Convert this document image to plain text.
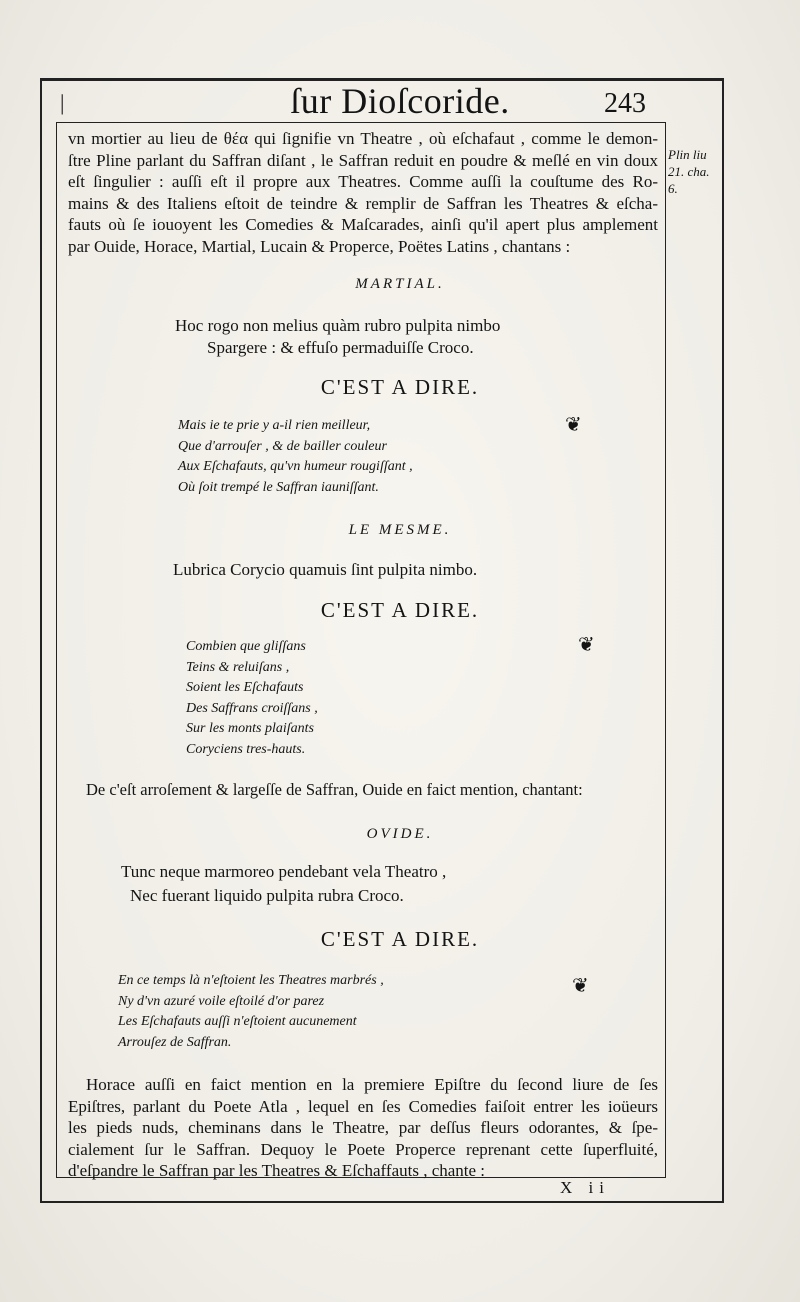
|	ſur Dioſcoride.	243
Plin liu
21. cha.
6.
vn mortier au lieu de θέα qui ſignifie vn Theatre , où eſchafaut , comme le demon-
ſtre Pline parlant du Saffran diſant , le Saffran reduit en poudre & meſlé en vin doux
eſt ſingulier : auſſi eſt il propre aux Theatres. Comme auſſi la couſtume des Ro-
mains & des Italiens eſtoit de teindre & remplir de Saffran les Theatres & eſcha-
fauts où ſe iouoyent les Comedies & Maſcarades, ainſi qu'il apert plus amplement
par Ouide, Horace, Martial, Lucain & Properce, Poëtes Latins , chantans :
MARTIAL.
Hoc rogo non melius quàm rubro pulpita nimbo
Spargere : & effuſo permaduiſſe Croco.
C'EST A DIRE.
Mais ie te prie y a-il rien meilleur,
Que d'arrouſer , & de bailler couleur
Aux Eſchafauts, qu'vn humeur rougiſſant ,
Où ſoit trempé le Saffran iauniſſant.
❦
LE MESME.
Lubrica Corycio quamuis ſint pulpita nimbo.
C'EST A DIRE.
Combien que gliſſans
Teins & reluiſans ,
Soient les Eſchafauts
Des Saffrans croiſſans ,
Sur les monts plaiſants
Coryciens tres-hauts.
❦
De c'eſt arroſement & largeſſe de Saffran, Ouide en faict mention, chantant:
OVIDE.
Tunc neque marmoreo pendebant vela Theatro ,
Nec fuerant liquido pulpita rubra Croco.
C'EST A DIRE.
En ce temps là n'eſtoient les Theatres marbrés ,
Ny d'vn azuré voile eſtoilé d'or parez
Les Eſchafauts auſſi n'eſtoient aucunement
Arrouſez de Saffran.
❦
Horace auſſi en faict mention en la premiere Epiſtre du ſecond liure de ſes
Epiſtres, parlant du Poete Atla , lequel en ſes Comedies faiſoit entrer les ioüeurs
les pieds nuds, cheminans dans le Theatre, par deſſus fleurs odorantes, & ſpe-
cialement ſur le Saffran. Dequoy le Poete Properce reprenant cette ſuperfluité,
d'eſpandre le Saffran par les Theatres & Eſchaffauts , chante :
X ii
